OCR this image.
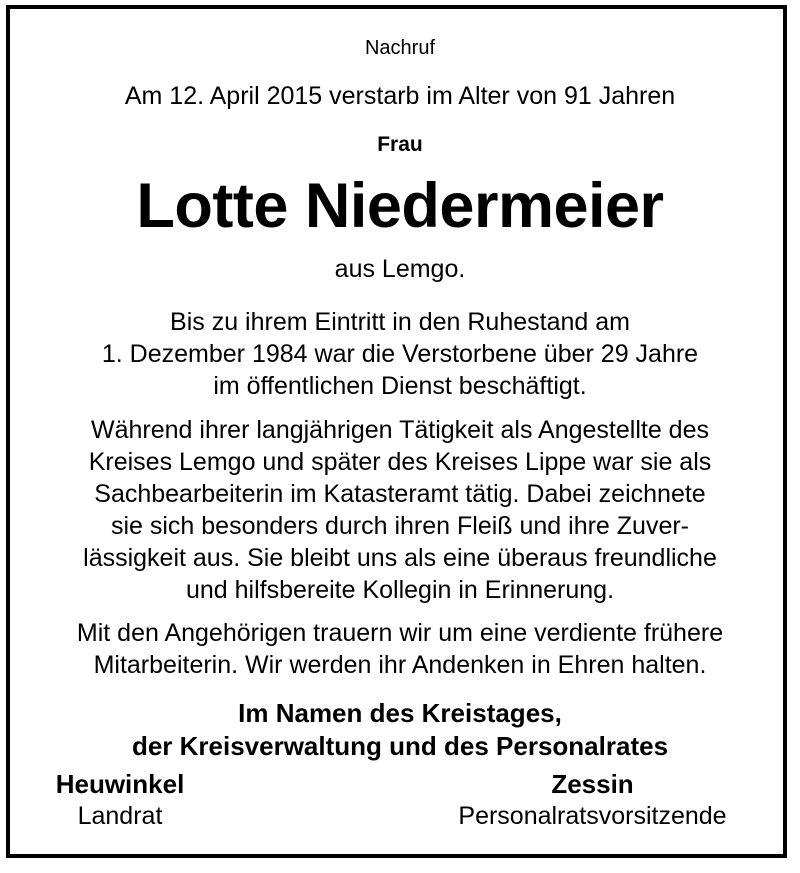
Nachruf

Am 12. April 2015 verstarb im Alter von 91 Jahren

Frau

Lotte Niedermeier

aus Lemgo.

Bis zu ihrem Eintritt in den Ruhestand am
1. Dezember 1984 war die Verstorbene über 29 Jahre
im öffentlichen Dienst beschäftigt.
Während ihrer langjährigen Tätigkeit als Angestellte des
Kreises Lemgo und später des Kreises Lippe war sie als
Sachbearbeiterin im Katasteramt tätig. Dabei zeichnete
sie sich besonders durch ihren Fleiß und ihre Zuver-
lässigkeit aus. Sie bleibt uns als eine überaus freundliche
und hilfsbereite Kollegin in Erinnerung.
Mit den Angehörigen trauern wir um eine verdiente frühere
Mitarbeiterin. Wir werden ihr Andenken in Ehren halten.
Im Namen des Kreistages,
der Kreisverwaltung und des Personalrates
Heuwinkel
Landrat
Zessin
Personalratsvorsitzende
